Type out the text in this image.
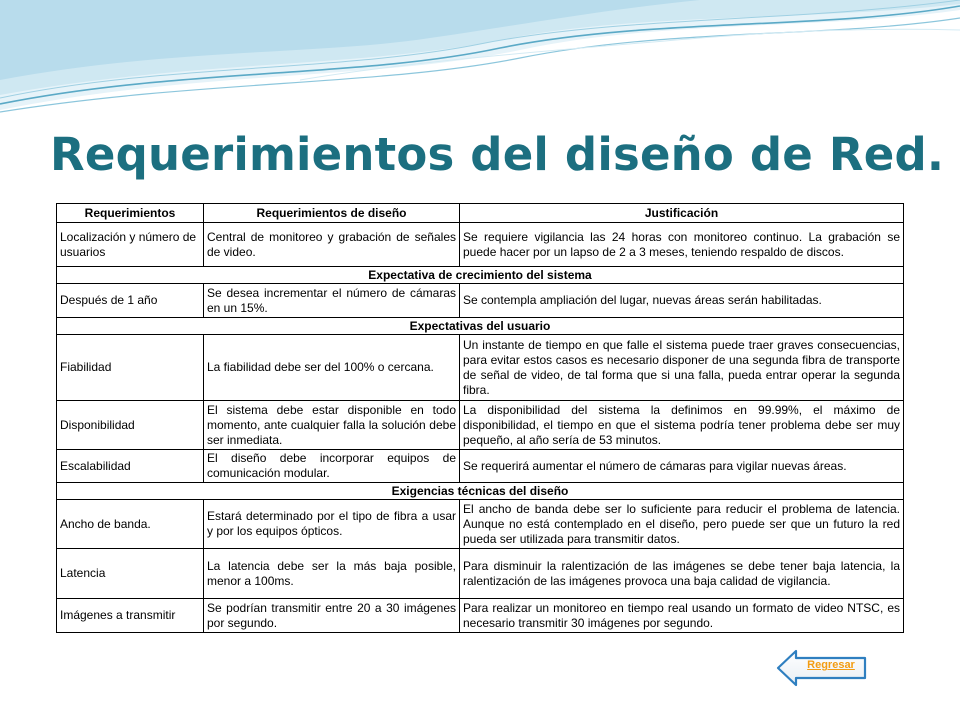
Requerimientos del diseño de Red.
Requerimientos	Requerimientos de diseño	Justificación
Localización y número de usuarios	Central de monitoreo y grabación de señales de video.	Se requiere vigilancia las 24 horas con monitoreo continuo. La grabación se puede hacer por un lapso de 2 a 3 meses, teniendo respaldo de discos.
Expectativa de crecimiento del sistema		
Después de 1 año	Se desea incrementar el número de cámaras en un 15%.	Se contempla ampliación del lugar, nuevas áreas serán habilitadas.
Expectativas del usuario		
Fiabilidad	La fiabilidad debe ser del 100% o cercana.	Un instante de tiempo en que falle el sistema puede traer graves consecuencias, para evitar estos casos es necesario disponer de una segunda fibra de transporte de señal de video, de tal forma que si una falla, pueda entrar operar la segunda fibra.
Disponibilidad	El sistema debe estar disponible en todo momento, ante cualquier falla la solución debe ser inmediata.	La disponibilidad del sistema la definimos en 99.99%, el máximo de disponibilidad, el tiempo en que el sistema podría tener problema debe ser muy pequeño, al año sería de 53 minutos.
Escalabilidad	El diseño debe incorporar equipos de comunicación modular.	Se requerirá aumentar el número de cámaras para vigilar nuevas áreas.
Exigencias técnicas del diseño		
Ancho de banda.	Estará determinado por el tipo de fibra a usar y por los equipos ópticos.	El ancho de banda debe ser lo suficiente para reducir el problema de latencia. Aunque no está contemplado en el diseño, pero puede ser que un futuro la red pueda ser utilizada para transmitir datos.
Latencia	La latencia debe ser la más baja posible, menor a 100ms.	Para disminuir la ralentización de las imágenes se debe tener baja latencia, la ralentización de las imágenes provoca una baja calidad de vigilancia.
Imágenes a transmitir	Se podrían transmitir entre 20 a 30 imágenes por segundo.	Para realizar un monitoreo en tiempo real usando un formato de video NTSC, es necesario transmitir 30 imágenes por segundo.
Regresar
